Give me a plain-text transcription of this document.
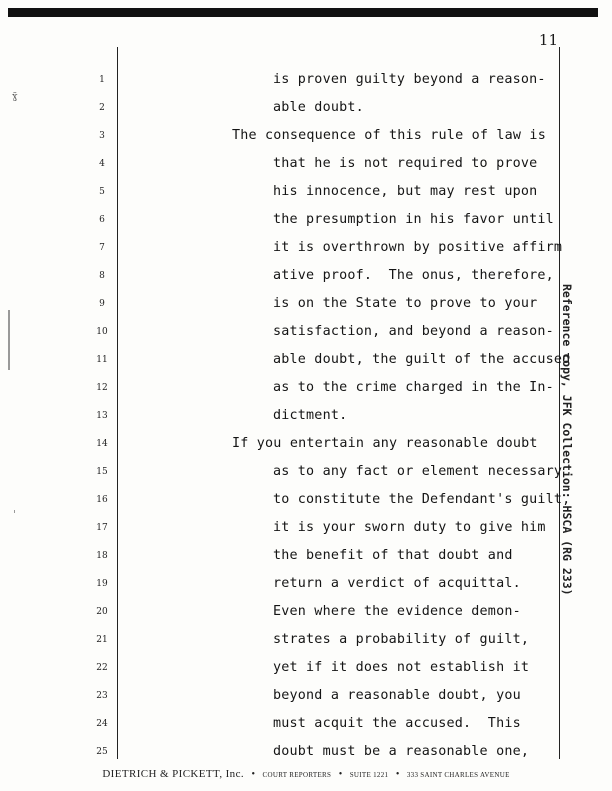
ɣ̃
11
1	is proven guilty beyond a reason-
2	able doubt.
3	The consequence of this rule of law is
4	that he is not required to prove
5	his innocence, but may rest upon
6	the presumption in his favor until
7	it is overthrown by positive affirm
8	ative proof.  The onus, therefore,
9	is on the State to prove to your
10	satisfaction, and beyond a reason-
11	able doubt, the guilt of the accused
12	as to the crime charged in the In-
13	dictment.
14	If you entertain any reasonable doubt
15	as to any fact or element necessary
16	to constitute the Defendant's guilt,
17	it is your sworn duty to give him
18	the benefit of that doubt and
19	return a verdict of acquittal.
20	Even where the evidence demon-
21	strates a probability of guilt,
22	yet if it does not establish it
23	beyond a reasonable doubt, you
24	must acquit the accused.  This
25	doubt must be a reasonable one,
Reference copy, JFK Collection: HSCA (RG 233)
DIETRICH & PICKETT, Inc. • COURT REPORTERS • SUITE 1221 • 333 SAINT CHARLES AVENUE
